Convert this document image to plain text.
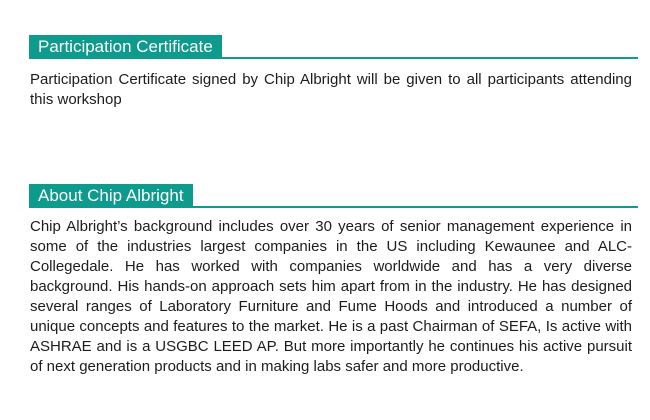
Participation Certificate
Participation Certificate signed by Chip Albright will be given to all participants attending this workshop
About Chip Albright
Chip Albright’s background includes over 30 years of senior management experience in some of the industries largest companies in the US including Kewaunee and ALC-Collegedale. He has worked with companies worldwide and has a very diverse background. His hands-on approach sets him apart from in the industry. He has designed several ranges of Laboratory Furniture and Fume Hoods and introduced a number of unique concepts and features to the market. He is a past Chairman of SEFA, Is active with ASHRAE and is a USGBC LEED AP. But more importantly he continues his active pursuit of next generation products and in making labs safer and more productive.
